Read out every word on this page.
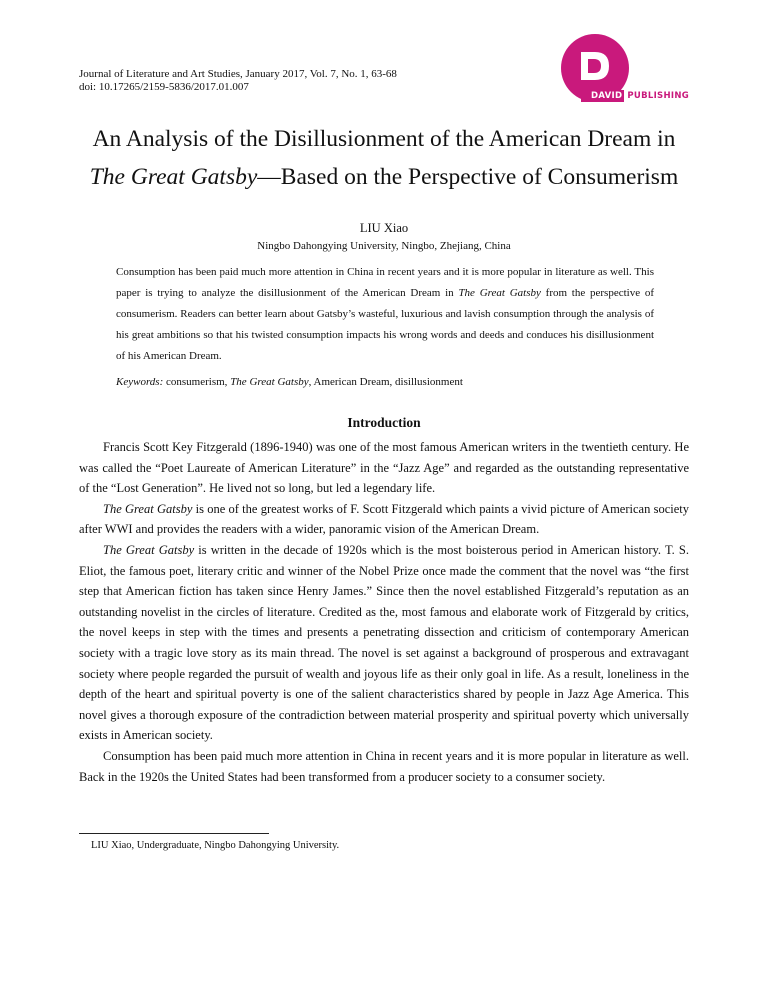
Journal of Literature and Art Studies, January 2017, Vol. 7, No. 1, 63-68
doi: 10.17265/2159-5836/2017.01.007
DAVID PUBLISHING
An Analysis of the Disillusionment of the American Dream in
The Great Gatsby—Based on the Perspective of Consumerism
LIU Xiao
Ningbo Dahongying University, Ningbo, Zhejiang, China

Consumption has been paid much more attention in China in recent years and it is more popular in literature as well. This paper is trying to analyze the disillusionment of the American Dream in The Great Gatsby from the perspective of consumerism. Readers can better learn about Gatsby’s wasteful, luxurious and lavish consumption through the analysis of his great ambitions so that his twisted consumption impacts his wrong words and deeds and conduces his disillusionment of his American Dream.

Keywords: consumerism, The Great Gatsby, American Dream, disillusionment

Introduction

Francis Scott Key Fitzgerald (1896-1940) was one of the most famous American writers in the twentieth century. He was called the “Poet Laureate of American Literature” in the “Jazz Age” and regarded as the outstanding representative of the “Lost Generation”. He lived not so long, but led a legendary life.

The Great Gatsby is one of the greatest works of F. Scott Fitzgerald which paints a vivid picture of American society after WWI and provides the readers with a wider, panoramic vision of the American Dream.

The Great Gatsby is written in the decade of 1920s which is the most boisterous period in American history. T. S. Eliot, the famous poet, literary critic and winner of the Nobel Prize once made the comment that the novel was “the first step that American fiction has taken since Henry James.” Since then the novel established Fitzgerald’s reputation as an outstanding novelist in the circles of literature. Credited as the, most famous and elaborate work of Fitzgerald by critics, the novel keeps in step with the times and presents a penetrating dissection and criticism of contemporary American society with a tragic love story as its main thread. The novel is set against a background of prosperous and extravagant society where people regarded the pursuit of wealth and joyous life as their only goal in life. As a result, loneliness in the depth of the heart and spiritual poverty is one of the salient characteristics shared by people in Jazz Age America. This novel gives a thorough exposure of the contradiction between material prosperity and spiritual poverty which universally exists in American society.

Consumption has been paid much more attention in China in recent years and it is more popular in literature as well. Back in the 1920s the United States had been transformed from a producer society to a consumer society.

LIU Xiao, Undergraduate, Ningbo Dahongying University.
